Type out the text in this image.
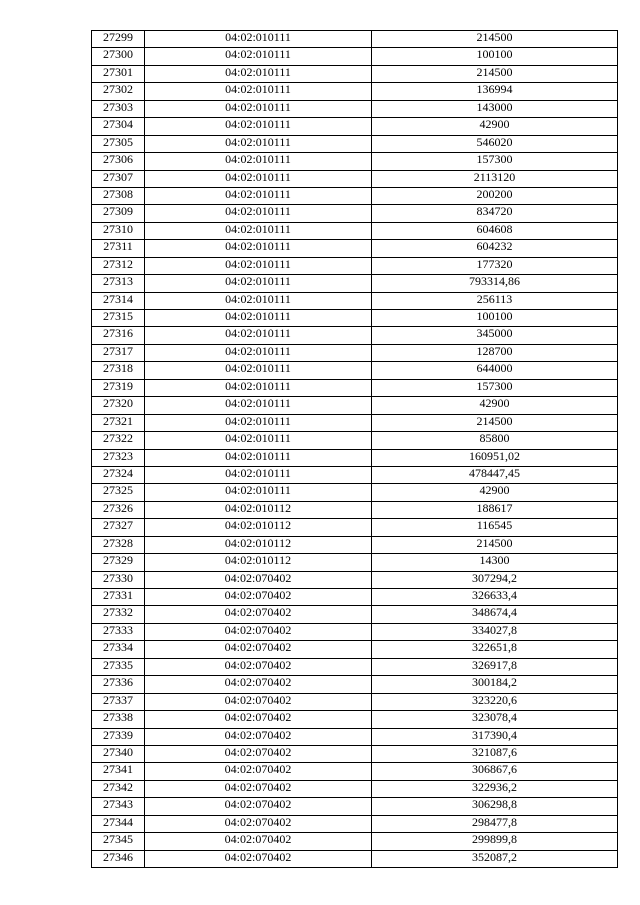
27299	04:02:010111	214500
27300	04:02:010111	100100
27301	04:02:010111	214500
27302	04:02:010111	136994
27303	04:02:010111	143000
27304	04:02:010111	42900
27305	04:02:010111	546020
27306	04:02:010111	157300
27307	04:02:010111	2113120
27308	04:02:010111	200200
27309	04:02:010111	834720
27310	04:02:010111	604608
27311	04:02:010111	604232
27312	04:02:010111	177320
27313	04:02:010111	793314,86
27314	04:02:010111	256113
27315	04:02:010111	100100
27316	04:02:010111	345000
27317	04:02:010111	128700
27318	04:02:010111	644000
27319	04:02:010111	157300
27320	04:02:010111	42900
27321	04:02:010111	214500
27322	04:02:010111	85800
27323	04:02:010111	160951,02
27324	04:02:010111	478447,45
27325	04:02:010111	42900
27326	04:02:010112	188617
27327	04:02:010112	116545
27328	04:02:010112	214500
27329	04:02:010112	14300
27330	04:02:070402	307294,2
27331	04:02:070402	326633,4
27332	04:02:070402	348674,4
27333	04:02:070402	334027,8
27334	04:02:070402	322651,8
27335	04:02:070402	326917,8
27336	04:02:070402	300184,2
27337	04:02:070402	323220,6
27338	04:02:070402	323078,4
27339	04:02:070402	317390,4
27340	04:02:070402	321087,6
27341	04:02:070402	306867,6
27342	04:02:070402	322936,2
27343	04:02:070402	306298,8
27344	04:02:070402	298477,8
27345	04:02:070402	299899,8
27346	04:02:070402	352087,2
